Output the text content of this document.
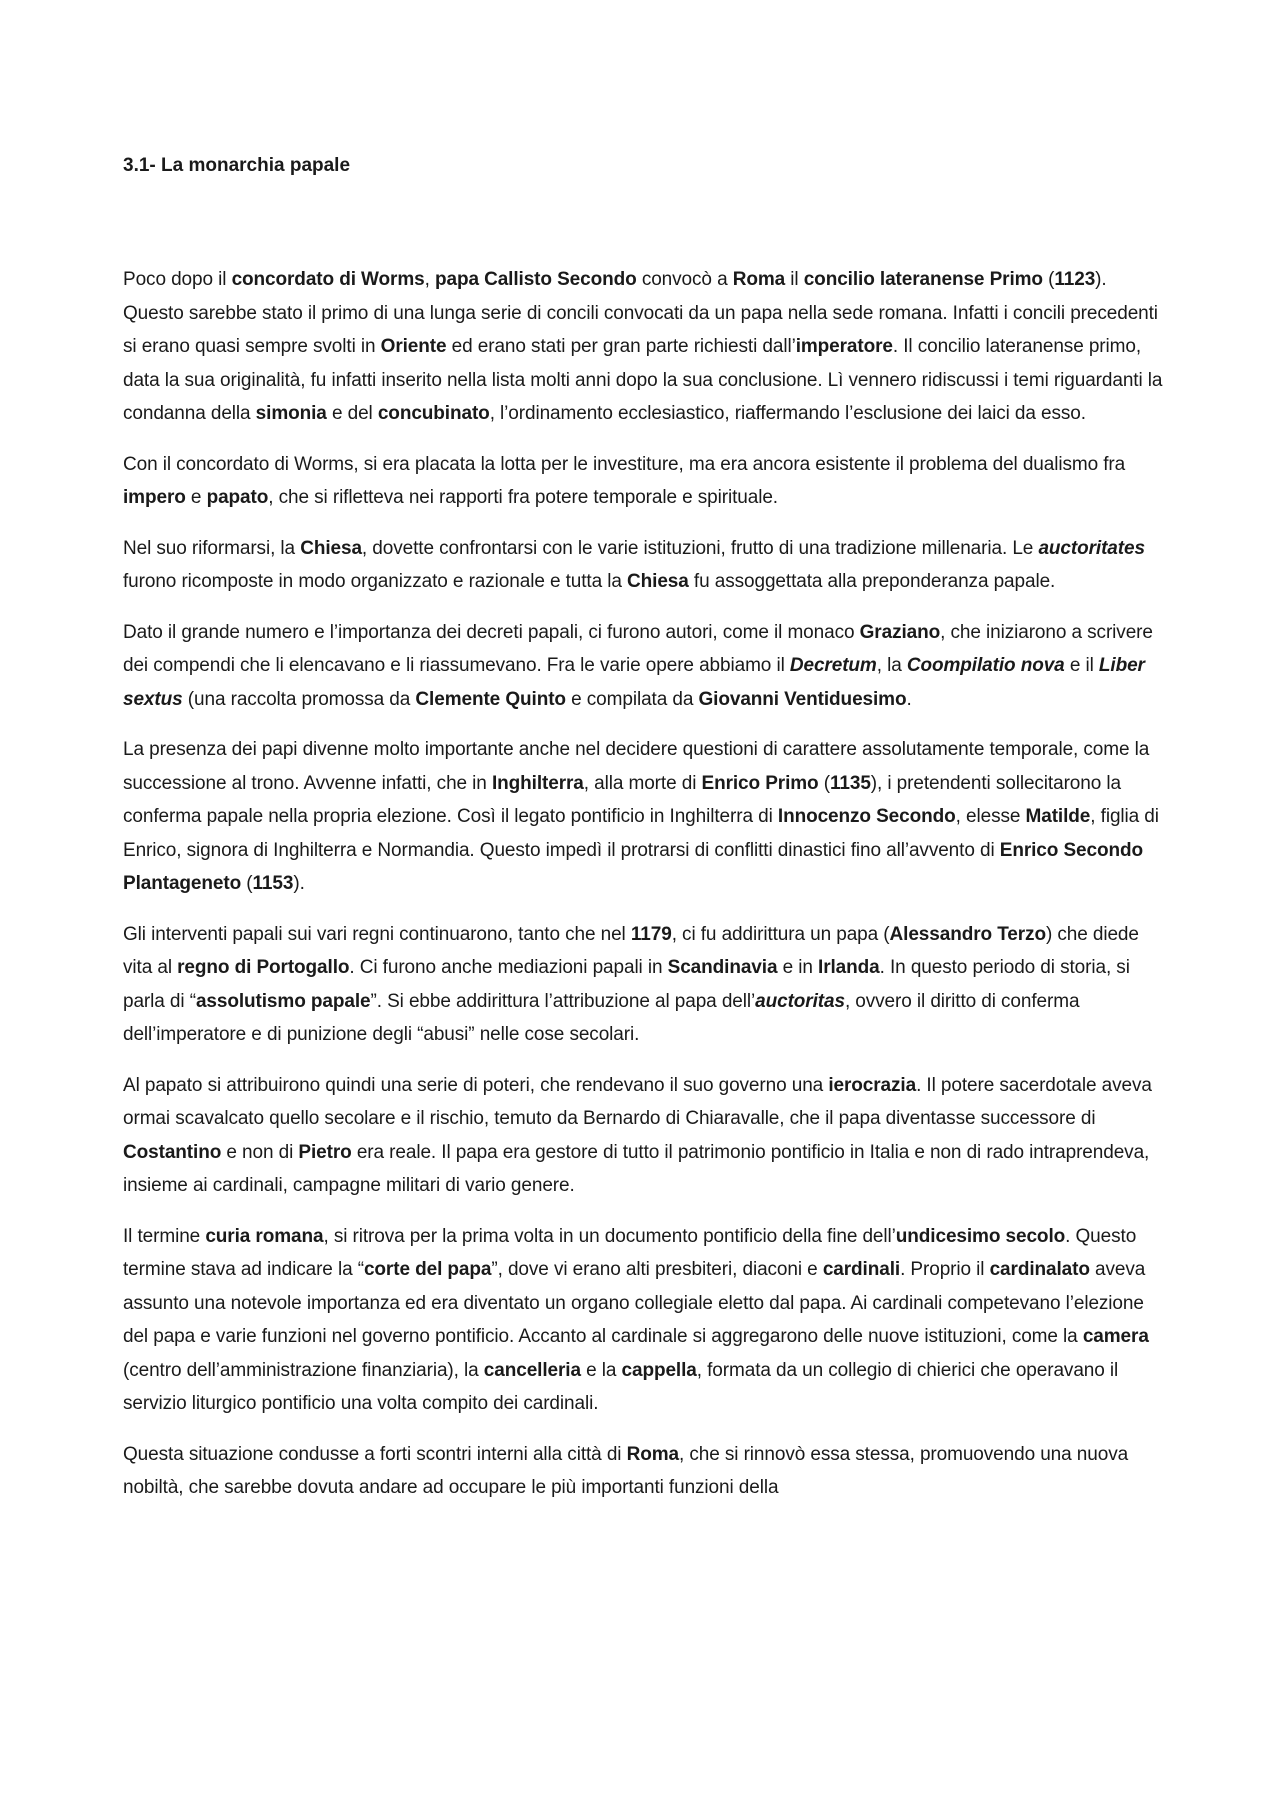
3.1- La monarchia papale

Poco dopo il concordato di Worms, papa Callisto Secondo convocò a Roma il concilio lateranense Primo (1123). Questo sarebbe stato il primo di una lunga serie di concili convocati da un papa nella sede romana. Infatti i concili precedenti si erano quasi sempre svolti in Oriente ed erano stati per gran parte richiesti dall’imperatore. Il concilio lateranense primo, data la sua originalità, fu infatti inserito nella lista molti anni dopo la sua conclusione. Lì vennero ridiscussi i temi riguardanti la condanna della simonia e del concubinato, l’ordinamento ecclesiastico, riaffermando l’esclusione dei laici da esso.

Con il concordato di Worms, si era placata la lotta per le investiture, ma era ancora esistente il problema del dualismo fra impero e papato, che si rifletteva nei rapporti fra potere temporale e spirituale.

Nel suo riformarsi, la Chiesa, dovette confrontarsi con le varie istituzioni, frutto di una tradizione millenaria. Le auctoritates furono ricomposte in modo organizzato e razionale e tutta la Chiesa fu assoggettata alla preponderanza papale.

Dato il grande numero e l’importanza dei decreti papali, ci furono autori, come il monaco Graziano, che iniziarono a scrivere dei compendi che li elencavano e li riassumevano. Fra le varie opere abbiamo il Decretum, la Coompilatio nova e il Liber sextus (una raccolta promossa da Clemente Quinto e compilata da Giovanni Ventiduesimo.

La presenza dei papi divenne molto importante anche nel decidere questioni di carattere assolutamente temporale, come la successione al trono. Avvenne infatti, che in Inghilterra, alla morte di Enrico Primo (1135), i pretendenti sollecitarono la conferma papale nella propria elezione. Così il legato pontificio in Inghilterra di Innocenzo Secondo, elesse Matilde, figlia di Enrico, signora di Inghilterra e Normandia. Questo impedì il protrarsi di conflitti dinastici fino all’avvento di Enrico Secondo Plantageneto (1153).

Gli interventi papali sui vari regni continuarono, tanto che nel 1179, ci fu addirittura un papa (Alessandro Terzo) che diede vita al regno di Portogallo. Ci furono anche mediazioni papali in Scandinavia e in Irlanda. In questo periodo di storia, si parla di “assolutismo papale”. Si ebbe addirittura l’attribuzione al papa dell’auctoritas, ovvero il diritto di conferma dell’imperatore e di punizione degli “abusi” nelle cose secolari.

Al papato si attribuirono quindi una serie di poteri, che rendevano il suo governo una ierocrazia. Il potere sacerdotale aveva ormai scavalcato quello secolare e il rischio, temuto da Bernardo di Chiaravalle, che il papa diventasse successore di Costantino e non di Pietro era reale. Il papa era gestore di tutto il patrimonio pontificio in Italia e non di rado intraprendeva, insieme ai cardinali, campagne militari di vario genere.

Il termine curia romana, si ritrova per la prima volta in un documento pontificio della fine dell’undicesimo secolo. Questo termine stava ad indicare la “corte del papa”, dove vi erano alti presbiteri, diaconi e cardinali. Proprio il cardinalato aveva assunto una notevole importanza ed era diventato un organo collegiale eletto dal papa. Ai cardinali competevano l’elezione del papa e varie funzioni nel governo pontificio. Accanto al cardinale si aggregarono delle nuove istituzioni, come la camera (centro dell’amministrazione finanziaria), la cancelleria e la cappella, formata da un collegio di chierici che operavano il servizio liturgico pontificio una volta compito dei cardinali.

Questa situazione condusse a forti scontri interni alla città di Roma, che si rinnovò essa stessa, promuovendo una nuova nobiltà, che sarebbe dovuta andare ad occupare le più importanti funzioni della
